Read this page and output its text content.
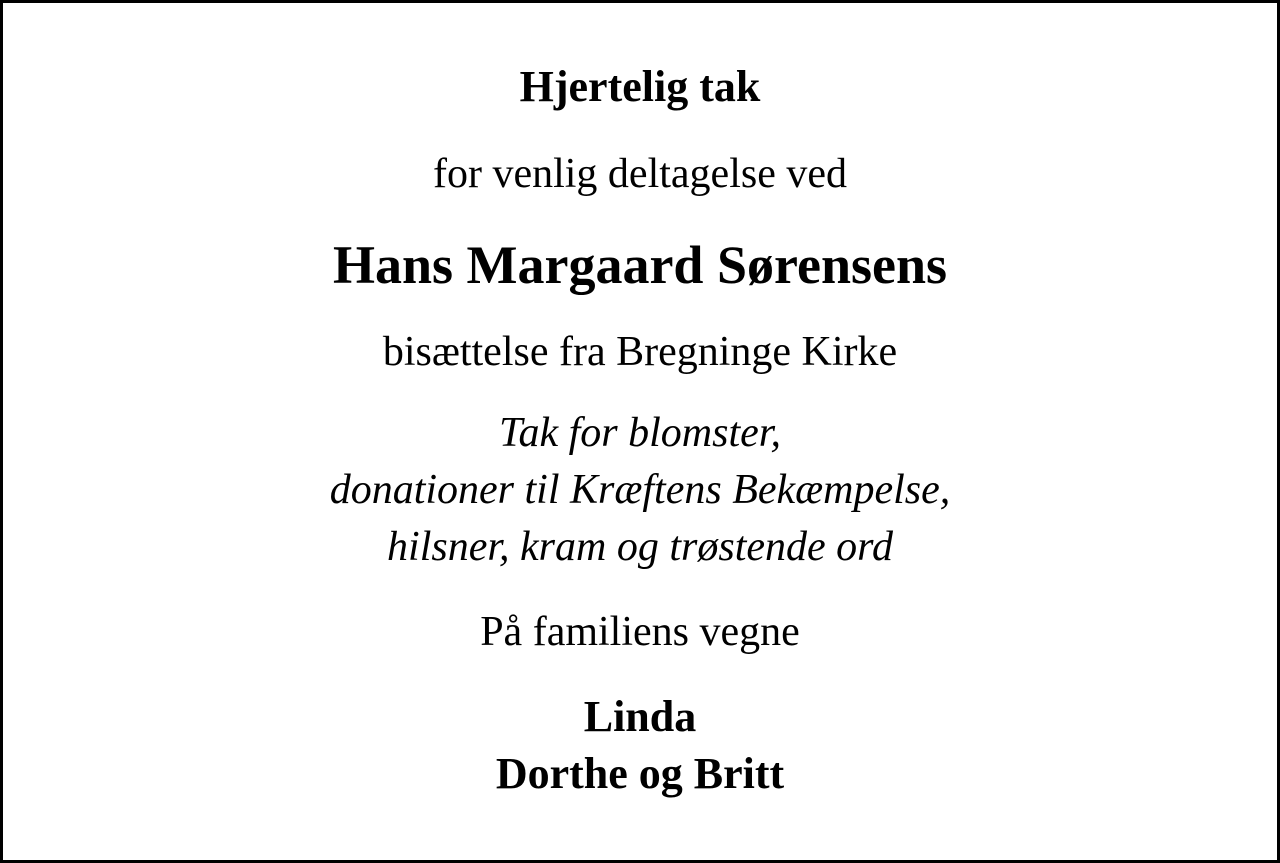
Hjertelig tak
for venlig deltagelse ved
Hans Margaard Sørensens
bisættelse fra Bregninge Kirke
Tak for blomster,
donationer til Kræftens Bekæmpelse,
hilsner, kram og trøstende ord
På familiens vegne
Linda
Dorthe og Britt
